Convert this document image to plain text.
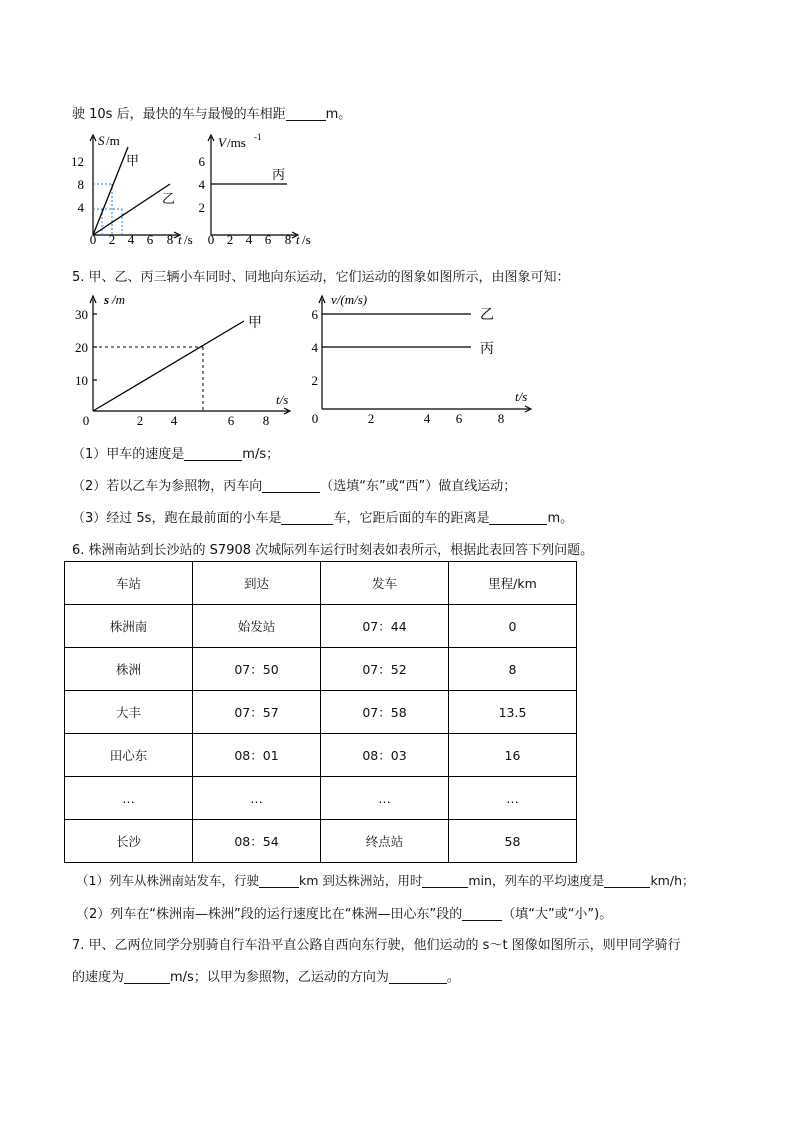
驶 10s 后，最快的车与最慢的车相距	m。
S /m
12
8
4
0 2 4 6 8 t /s
甲
乙
V /ms -1
6
4
2
0 2 4 6 8 t /s
丙
5. 甲、乙、丙三辆小车同时、同地向东运动，它们运动的图象如图所示，由图象可知：
s /m
30
20
10
0	2 4	6 8
t/s
甲
v/(m/s)
6
4
2
0	2	4 6	8
t/s
乙
丙
（1）甲车的速度是	m/s；
（2）若以乙车为参照物，丙车向	（选填“东”或“西”）做直线运动；
（3）经过 5s，跑在最前面的小车是	车，它距后面的车的距离是	m。
6. 株洲南站到长沙站的 S7908 次城际列车运行时刻表如表所示，根据此表回答下列问题。
车站	到达	发车	里程/km
株洲南	始发站	07：44	0
株洲	07：50	07：52	8
大丰	07：57	07：58	13.5
田心东	08：01	08：03	16
…	…	…	…
长沙	08：54	终点站	58
（1）列车从株洲南站发车，行驶	km 到达株洲站，用时	min，列车的平均速度是	km/h；
（2）列车在“株洲南—株洲”段的运行速度比在“株洲—田心东”段的	（填“大”或“小”)。
7. 甲、乙两位同学分别骑自行车沿平直公路自西向东行驶，他们运动的 s～t 图像如图所示，则甲同学骑行
的速度为	m/s；以甲为参照物，乙运动的方向为	。
